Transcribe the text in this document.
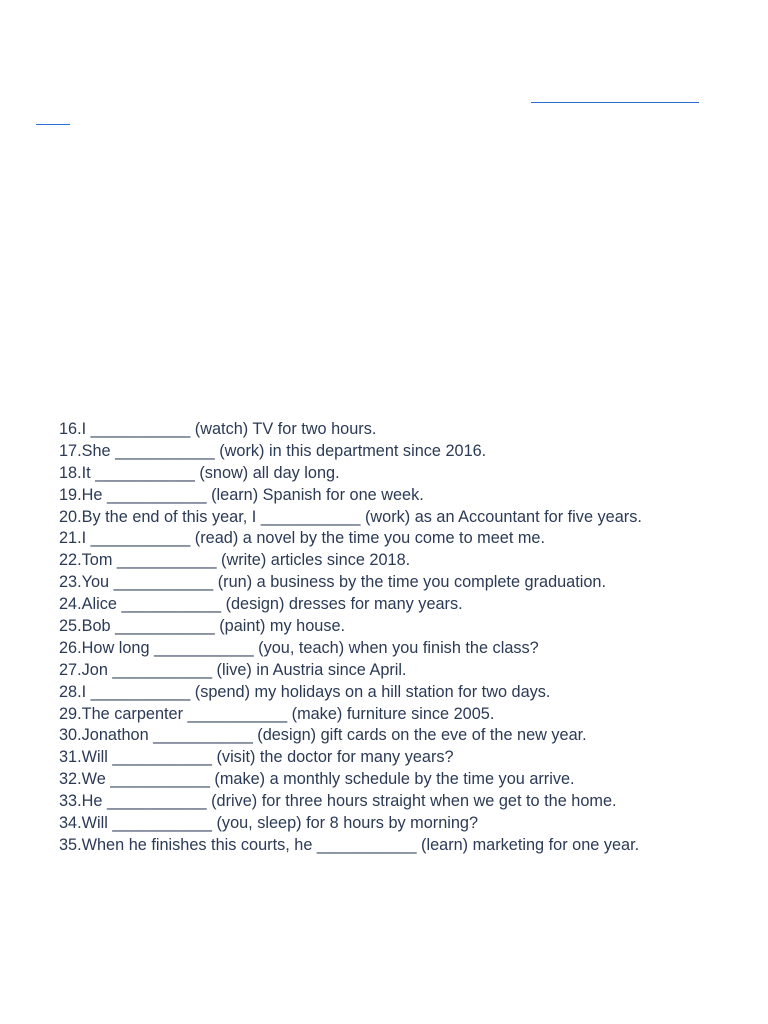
16.I ___________ (watch) TV for two hours.
17.She ___________ (work) in this department since 2016.
18.It ___________ (snow) all day long.
19.He ___________ (learn) Spanish for one week.
20.By the end of this year, I ___________ (work) as an Accountant for five years.
21.I ___________ (read) a novel by the time you come to meet me.
22.Tom ___________ (write) articles since 2018.
23.You ___________ (run) a business by the time you complete graduation.
24.Alice ___________ (design) dresses for many years.
25.Bob ___________ (paint) my house.
26.How long ___________ (you, teach) when you finish the class?
27.Jon ___________ (live) in Austria since April.
28.I ___________ (spend) my holidays on a hill station for two days.
29.The carpenter ___________ (make) furniture since 2005.
30.Jonathon ___________ (design) gift cards on the eve of the new year.
31.Will ___________ (visit) the doctor for many years?
32.We ___________ (make) a monthly schedule by the time you arrive.
33.He ___________ (drive) for three hours straight when we get to the home.
34.Will ___________ (you, sleep) for 8 hours by morning?
35.When he finishes this courts, he ___________ (learn) marketing for one year.
